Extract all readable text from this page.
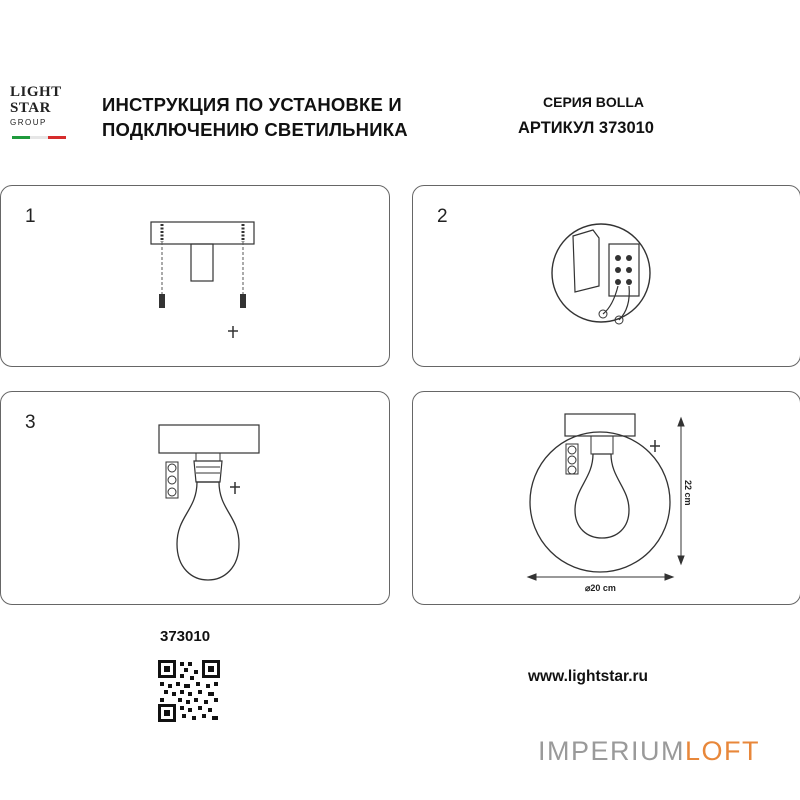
LIGHT
STAR
GROUP
ИНСТРУКЦИЯ ПО УСТАНОВКЕ И
ПОДКЛЮЧЕНИЮ СВЕТИЛЬНИКА
СЕРИЯ BOLLA
АРТИКУЛ 373010
1	2
3
22 cm
⌀20 cm
373010
www.lightstar.ru
IMPERIUMLOFT
